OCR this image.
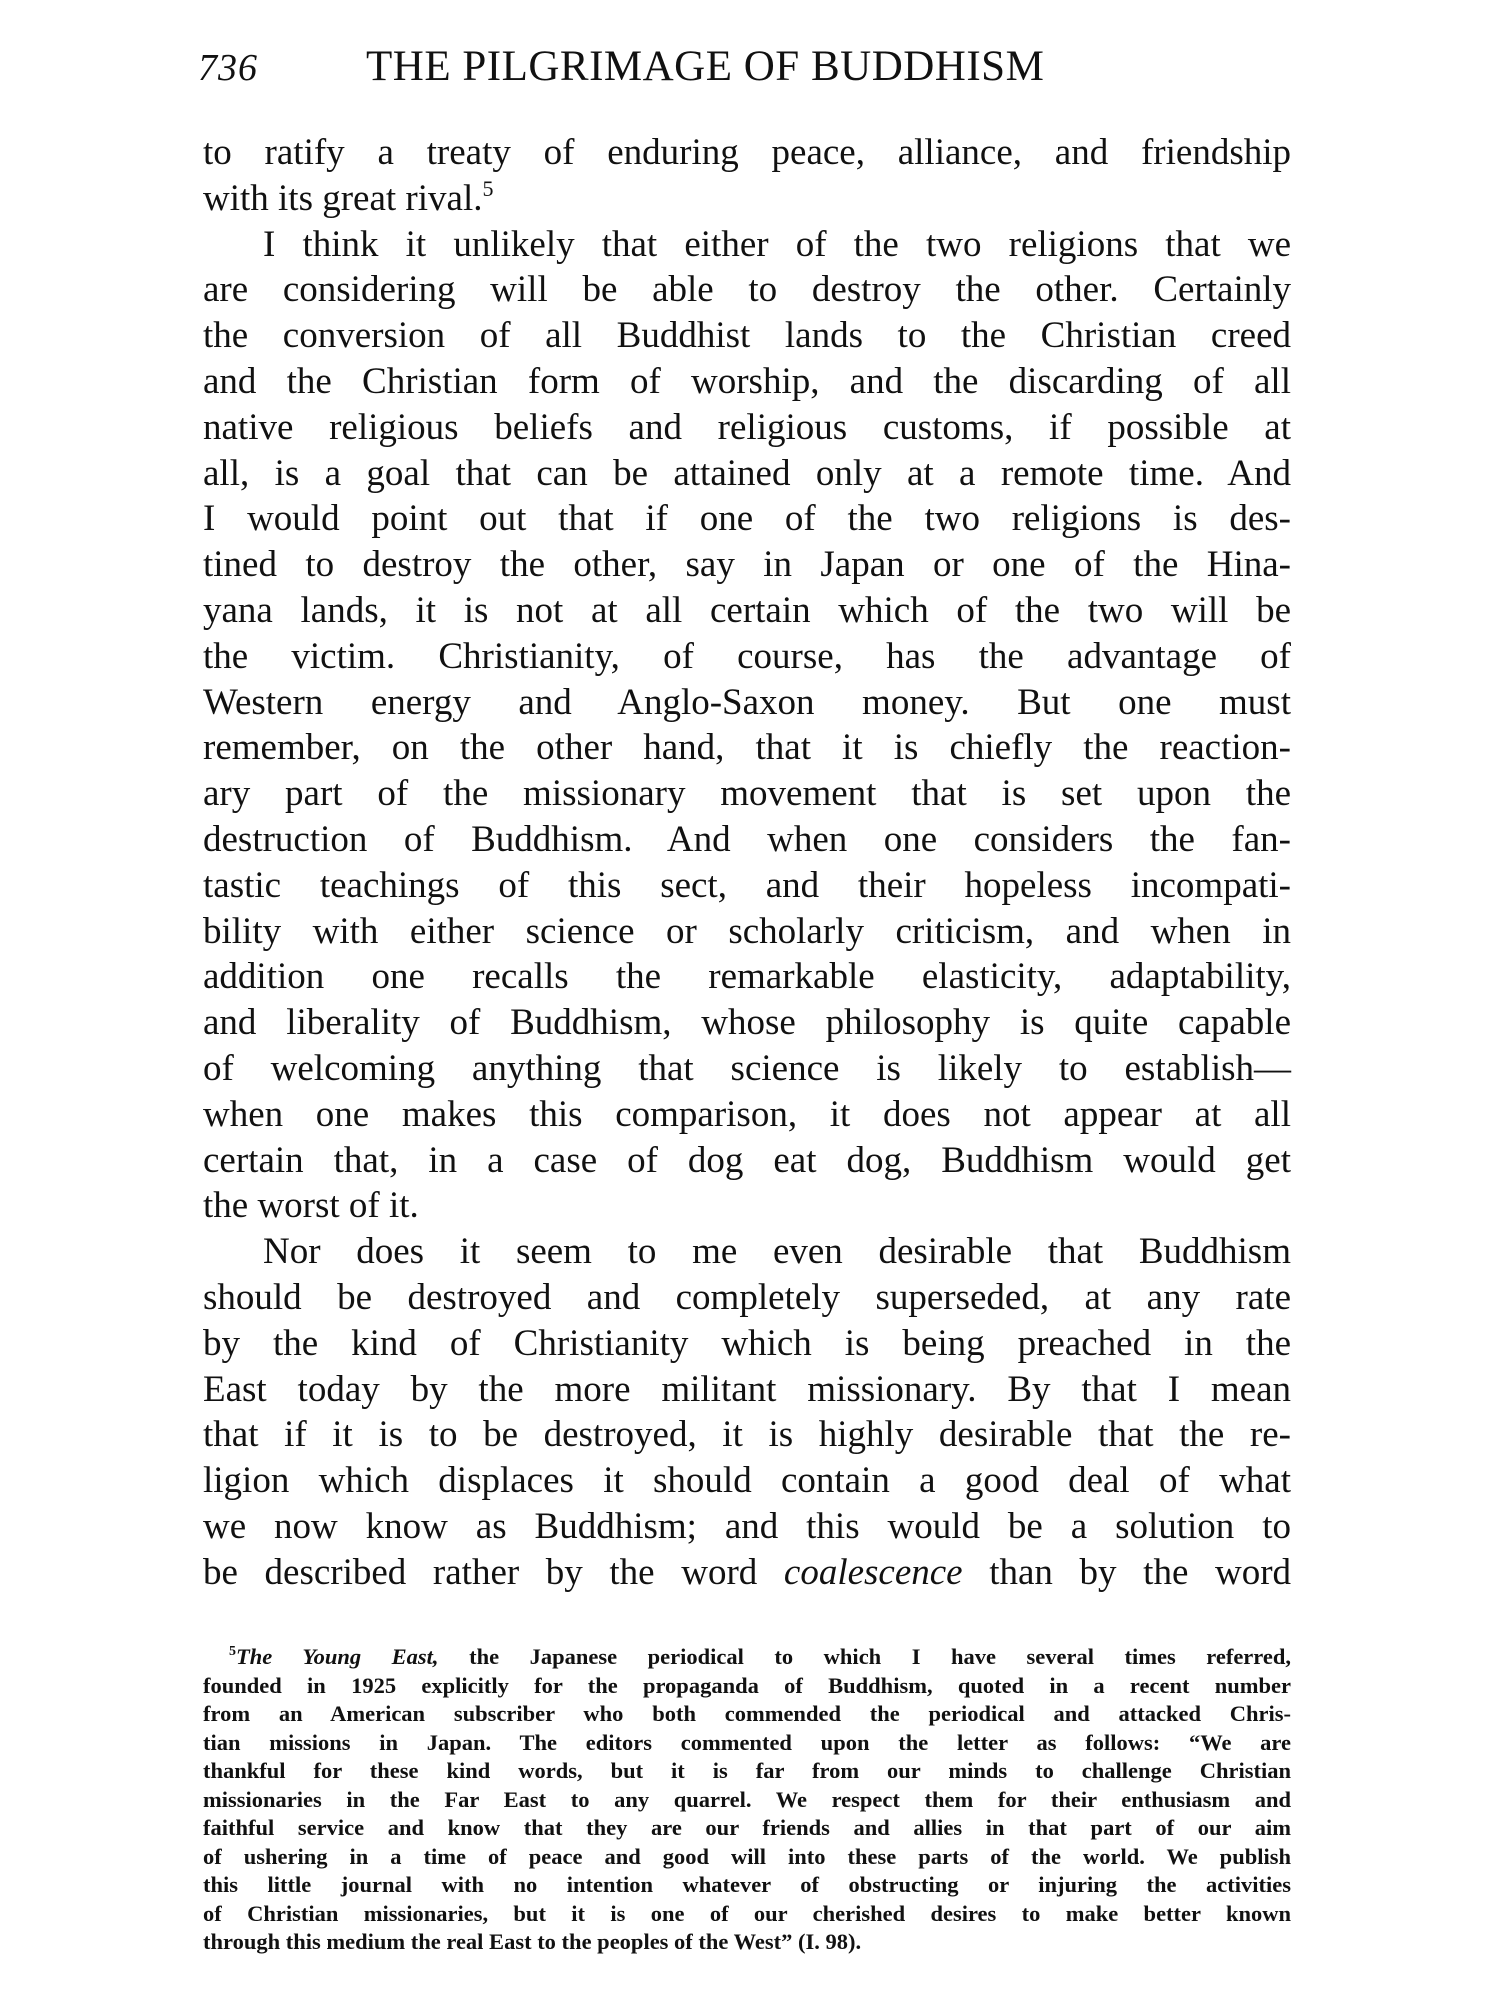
736	THE PILGRIMAGE OF BUDDHISM
to ratify a treaty of enduring peace, alliance, and friendship
with its great rival.$^5$
I think it unlikely that either of the two religions that we
are considering will be able to destroy the other. Certainly
the conversion of all Buddhist lands to the Christian creed
and the Christian form of worship, and the discarding of all
native religious beliefs and religious customs, if possible at
all, is a goal that can be attained only at a remote time. And
I would point out that if one of the two religions is des-
tined to destroy the other, say in Japan or one of the Hina-
yana lands, it is not at all certain which of the two will be
the victim. Christianity, of course, has the advantage of
Western energy and Anglo-Saxon money. But one must
remember, on the other hand, that it is chiefly the reaction-
ary part of the missionary movement that is set upon the
destruction of Buddhism. And when one considers the fan-
tastic teachings of this sect, and their hopeless incompati-
bility with either science or scholarly criticism, and when in
addition one recalls the remarkable elasticity, adaptability,
and liberality of Buddhism, whose philosophy is quite capable
of welcoming anything that science is likely to establish—
when one makes this comparison, it does not appear at all
certain that, in a case of dog eat dog, Buddhism would get
the worst of it.
Nor does it seem to me even desirable that Buddhism
should be destroyed and completely superseded, at any rate
by the kind of Christianity which is being preached in the
East today by the more militant missionary. By that I mean
that if it is to be destroyed, it is highly desirable that the re-
ligion which displaces it should contain a good deal of what
we now know as Buddhism; and this would be a solution to
be described rather by the word coalescence than by the word
$^5$The Young East, the Japanese periodical to which I have several times referred,
founded in 1925 explicitly for the propaganda of Buddhism, quoted in a recent number
from an American subscriber who both commended the periodical and attacked Chris-
tian missions in Japan. The editors commented upon the letter as follows: “We are
thankful for these kind words, but it is far from our minds to challenge Christian
missionaries in the Far East to any quarrel. We respect them for their enthusiasm and
faithful service and know that they are our friends and allies in that part of our aim
of ushering in a time of peace and good will into these parts of the world. We publish
this little journal with no intention whatever of obstructing or injuring the activities
of Christian missionaries, but it is one of our cherished desires to make better known
through this medium the real East to the peoples of the West” (I. 98).
